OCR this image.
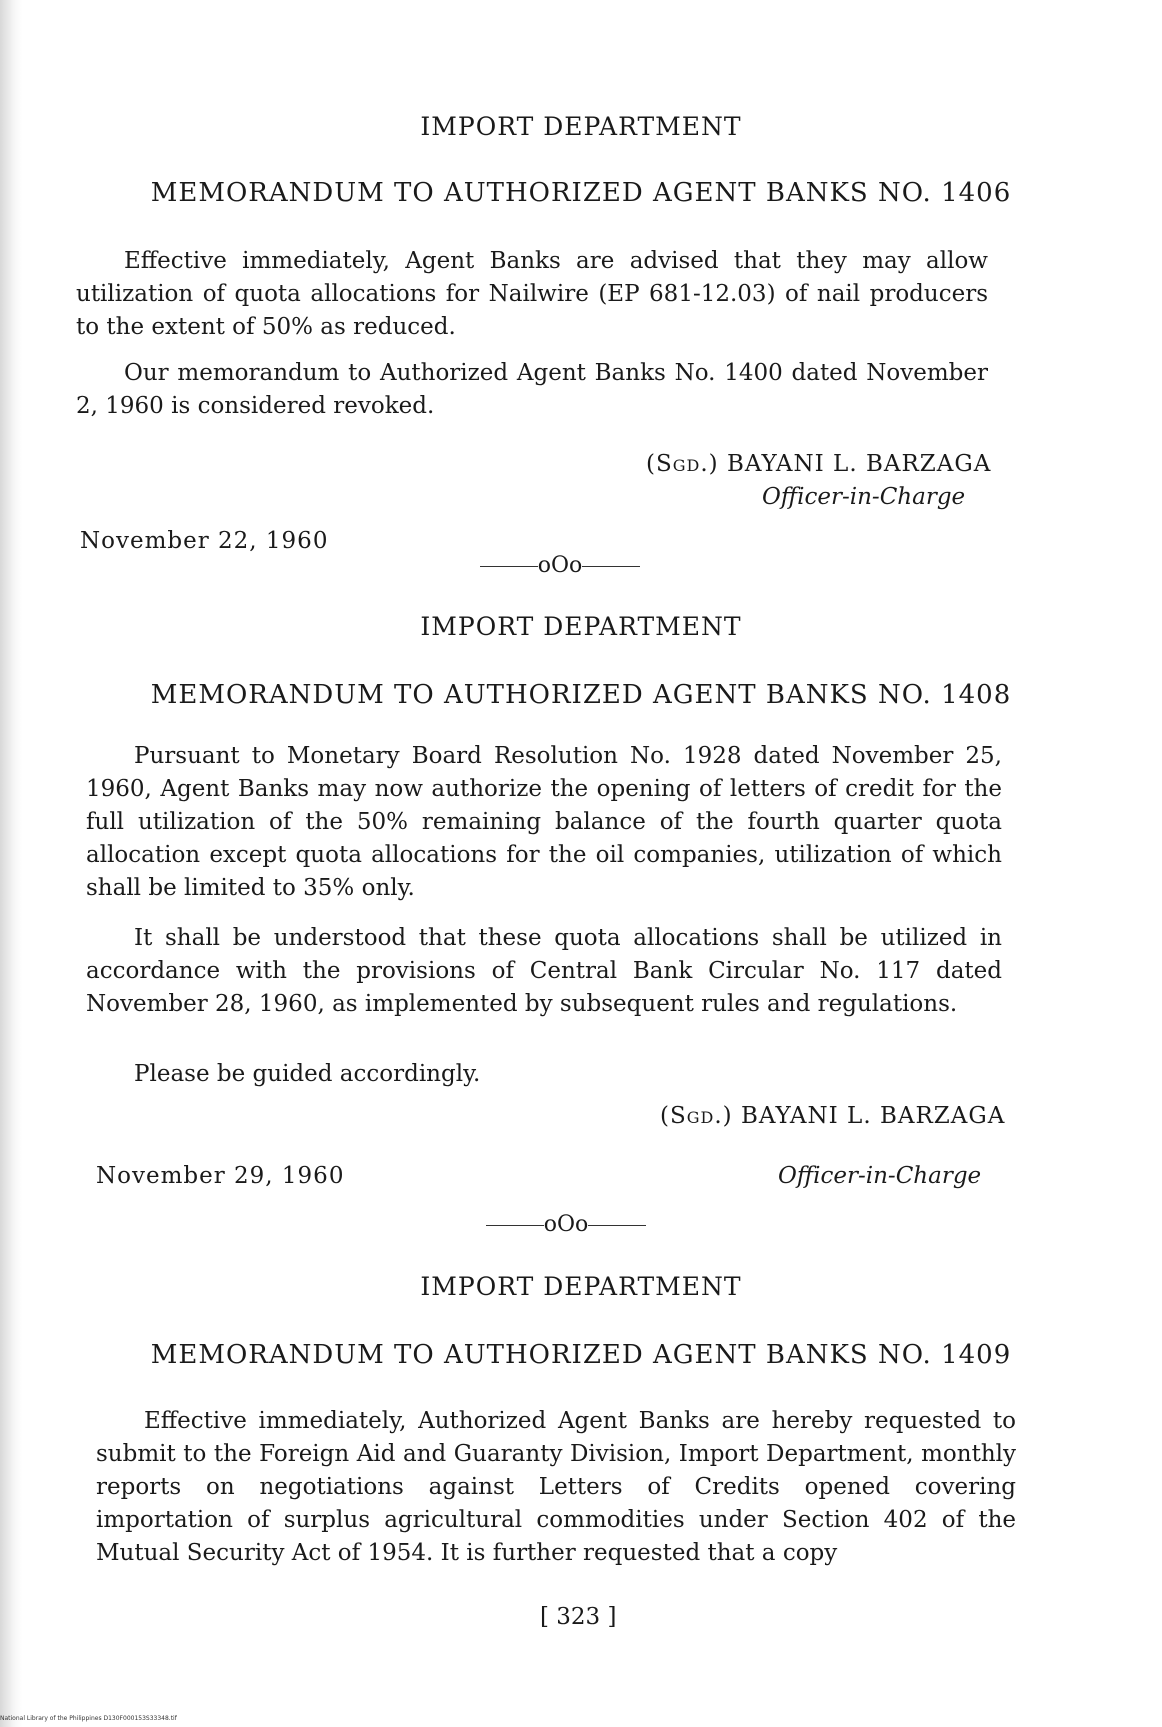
IMPORT DEPARTMENT
MEMORANDUM TO AUTHORIZED AGENT BANKS NO. 1406
Effective immediately, Agent Banks are advised that they may allow utilization of quota allocations for Nailwire (EP 681-12.03) of nail producers to the extent of 50% as reduced.
Our memorandum to Authorized Agent Banks No. 1400 dated November 2, 1960 is considered revoked.
(Sgd.) BAYANI L. BARZAGA
Officer-in-Charge
November 22, 1960
oOo
IMPORT DEPARTMENT
MEMORANDUM TO AUTHORIZED AGENT BANKS NO. 1408
Pursuant to Monetary Board Resolution No. 1928 dated November 25, 1960, Agent Banks may now authorize the opening of letters of credit for the full utilization of the 50% remaining balance of the fourth quarter quota allocation except quota allocations for the oil companies, utilization of which shall be limited to 35% only.
It shall be understood that these quota allocations shall be utilized in accordance with the provisions of Central Bank Circular No. 117 dated November 28, 1960, as implemented by subsequent rules and regulations.
Please be guided accordingly.
(Sgd.) BAYANI L. BARZAGA
November 29, 1960	Officer-in-Charge
oOo
IMPORT DEPARTMENT
MEMORANDUM TO AUTHORIZED AGENT BANKS NO. 1409
Effective immediately, Authorized Agent Banks are hereby requested to submit to the Foreign Aid and Guaranty Division, Import Department, monthly reports on negotiations against Letters of Credits opened covering importation of surplus agricultural commodities under Section 402 of the Mutual Security Act of 1954. It is further requested that a copy
[ 323 ]
National Library of the Philippines D130F000153S33348.tif
